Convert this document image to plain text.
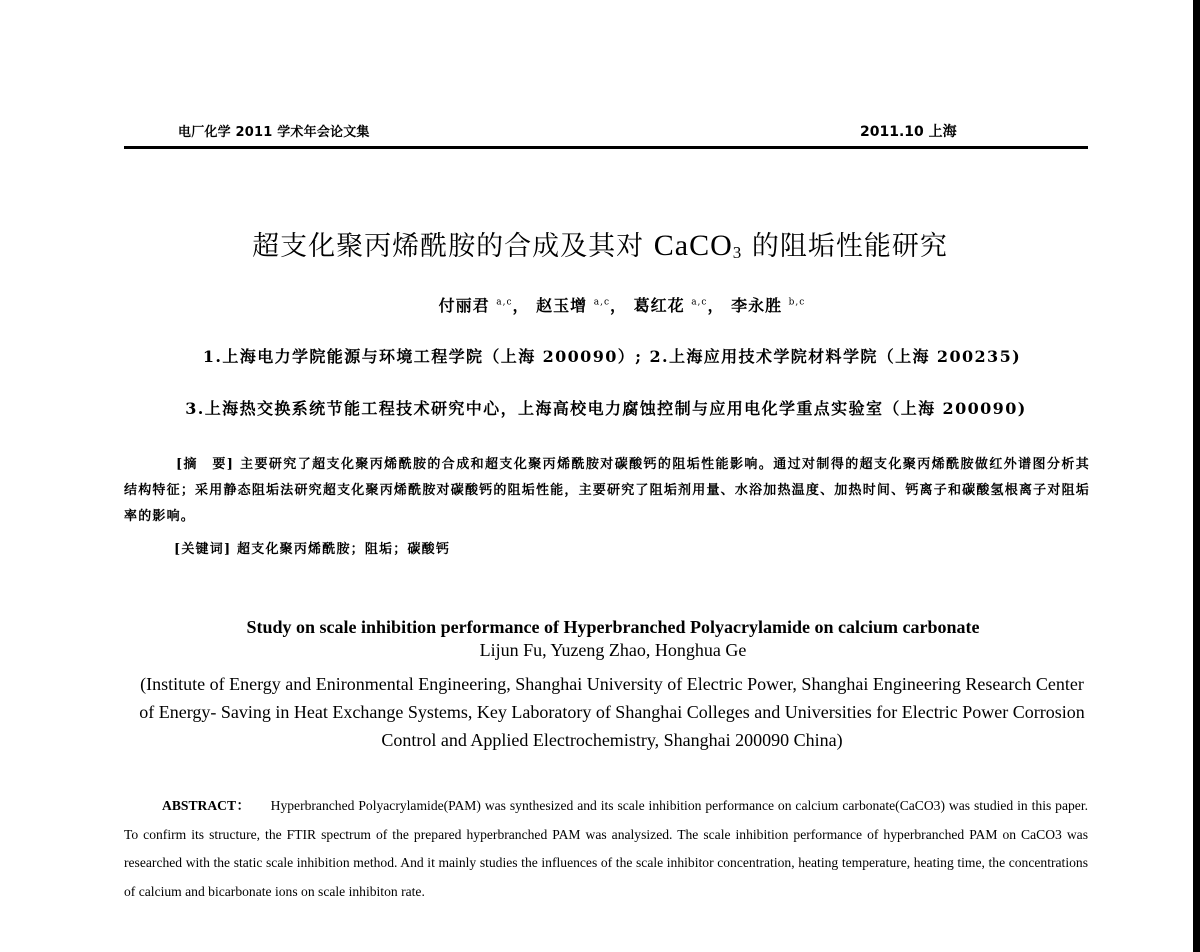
电厂化学 2011 学术年会论文集	2011.10 上海
超支化聚丙烯酰胺的合成及其对 CaCO$_3$ 的阻垢性能研究
付丽君 $^{a,c}$， 赵玉增 $^{a,c}$， 葛红花 $^{a,c}$， 李永胜 $^{b,c}$
1.上海电力学院能源与环境工程学院（上海 200090）; 2.上海应用技术学院材料学院（上海 200235)
3.上海热交换系统节能工程技术研究中心，上海高校电力腐蚀控制与应用电化学重点实验室（上海 200090)
[摘　要] 主要研究了超支化聚丙烯酰胺的合成和超支化聚丙烯酰胺对碳酸钙的阻垢性能影响。通过对制得的超支化聚丙烯酰胺做红外谱图分析其结构特征；采用静态阻垢法研究超支化聚丙烯酰胺对碳酸钙的阻垢性能，主要研究了阻垢剂用量、水浴加热温度、加热时间、钙离子和碳酸氢根离子对阻垢率的影响。
[关键词] 超支化聚丙烯酰胺；阻垢；碳酸钙
Study on scale inhibition performance of Hyperbranched Polyacrylamide on calcium carbonate
Lijun Fu, Yuzeng Zhao, Honghua Ge
(Institute of Energy and Enironmental Engineering, Shanghai University of Electric Power, Shanghai Engineering Research Center of Energy- Saving in Heat Exchange Systems, Key Laboratory of Shanghai Colleges and Universities for Electric Power Corrosion Control and Applied Electrochemistry, Shanghai 200090 China)
ABSTRACT： Hyperbranched Polyacrylamide(PAM) was synthesized and its scale inhibition performance on calcium carbonate(CaCO3) was studied in this paper. To confirm its structure, the FTIR spectrum of the prepared hyperbranched PAM was analysized. The scale inhibition performance of hyperbranched PAM on CaCO3 was researched with the static scale inhibition method. And it mainly studies the influences of the scale inhibitor concentration, heating temperature, heating time, the concentrations of calcium and bicarbonate ions on scale inhibiton rate.
